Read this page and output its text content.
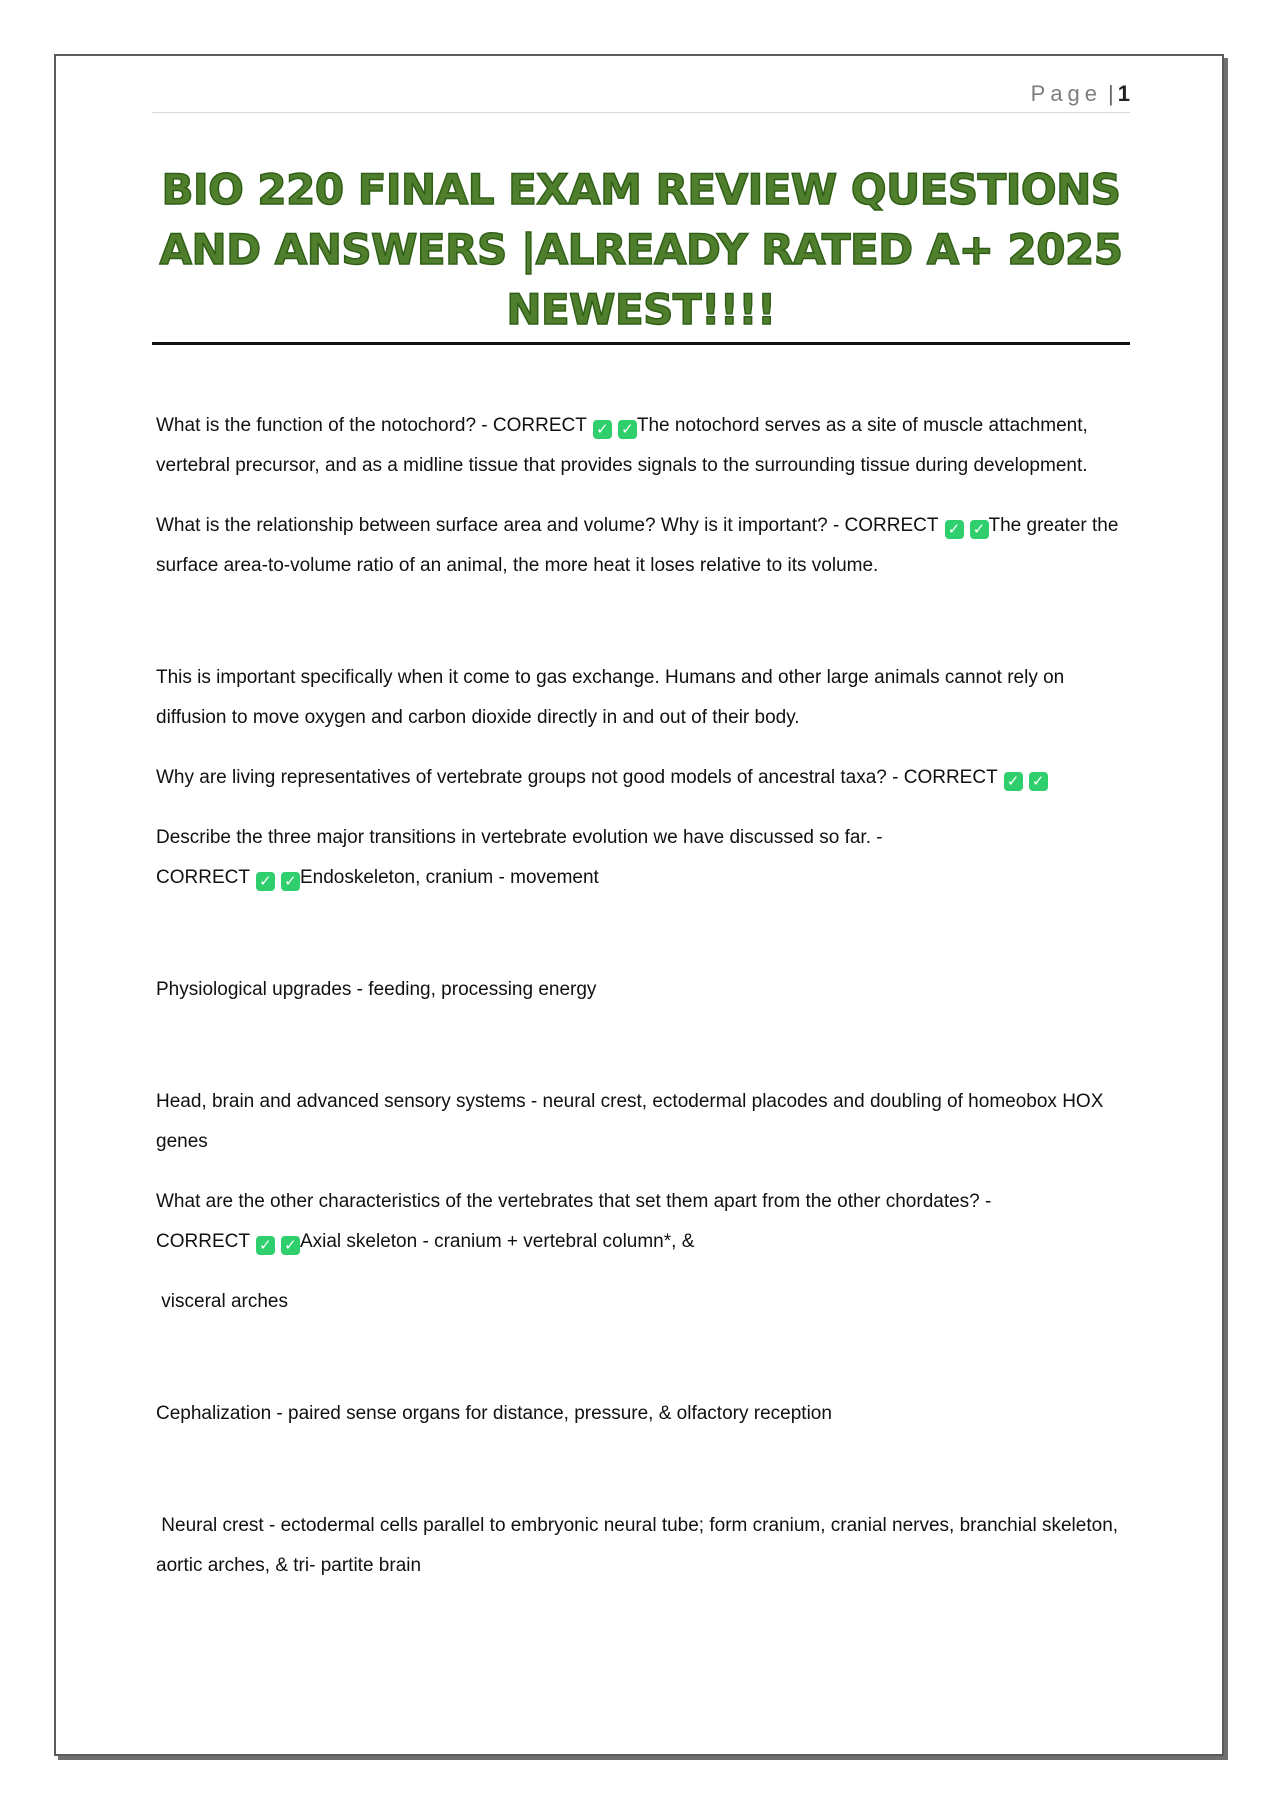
Page | 1
BIO 220 FINAL EXAM REVIEW QUESTIONS AND ANSWERS |ALREADY RATED A+ 2025 NEWEST!!!!

What is the function of the notochord? - CORRECT ✓ ✓ The notochord serves as a site of muscle attachment, vertebral precursor, and as a midline tissue that provides signals to the surrounding tissue during development.

What is the relationship between surface area and volume? Why is it important? - CORRECT ✓ ✓ The greater the surface area-to-volume ratio of an animal, the more heat it loses relative to its volume.

This is important specifically when it come to gas exchange. Humans and other large animals cannot rely on diffusion to move oxygen and carbon dioxide directly in and out of their body.

Why are living representatives of vertebrate groups not good models of ancestral taxa? - CORRECT ✓ ✓

Describe the three major transitions in vertebrate evolution we have discussed so far. -

CORRECT ✓ ✓ Endoskeleton, cranium - movement

Physiological upgrades - feeding, processing energy

Head, brain and advanced sensory systems - neural crest, ectodermal placodes and doubling of homeobox HOX genes

What are the other characteristics of the vertebrates that set them apart from the other chordates? -

CORRECT ✓ ✓ Axial skeleton - cranium + vertebral column*, &

visceral arches

Cephalization - paired sense organs for distance, pressure, & olfactory reception

Neural crest - ectodermal cells parallel to embryonic neural tube; form cranium, cranial nerves, branchial skeleton, aortic arches, & tri- partite brain
